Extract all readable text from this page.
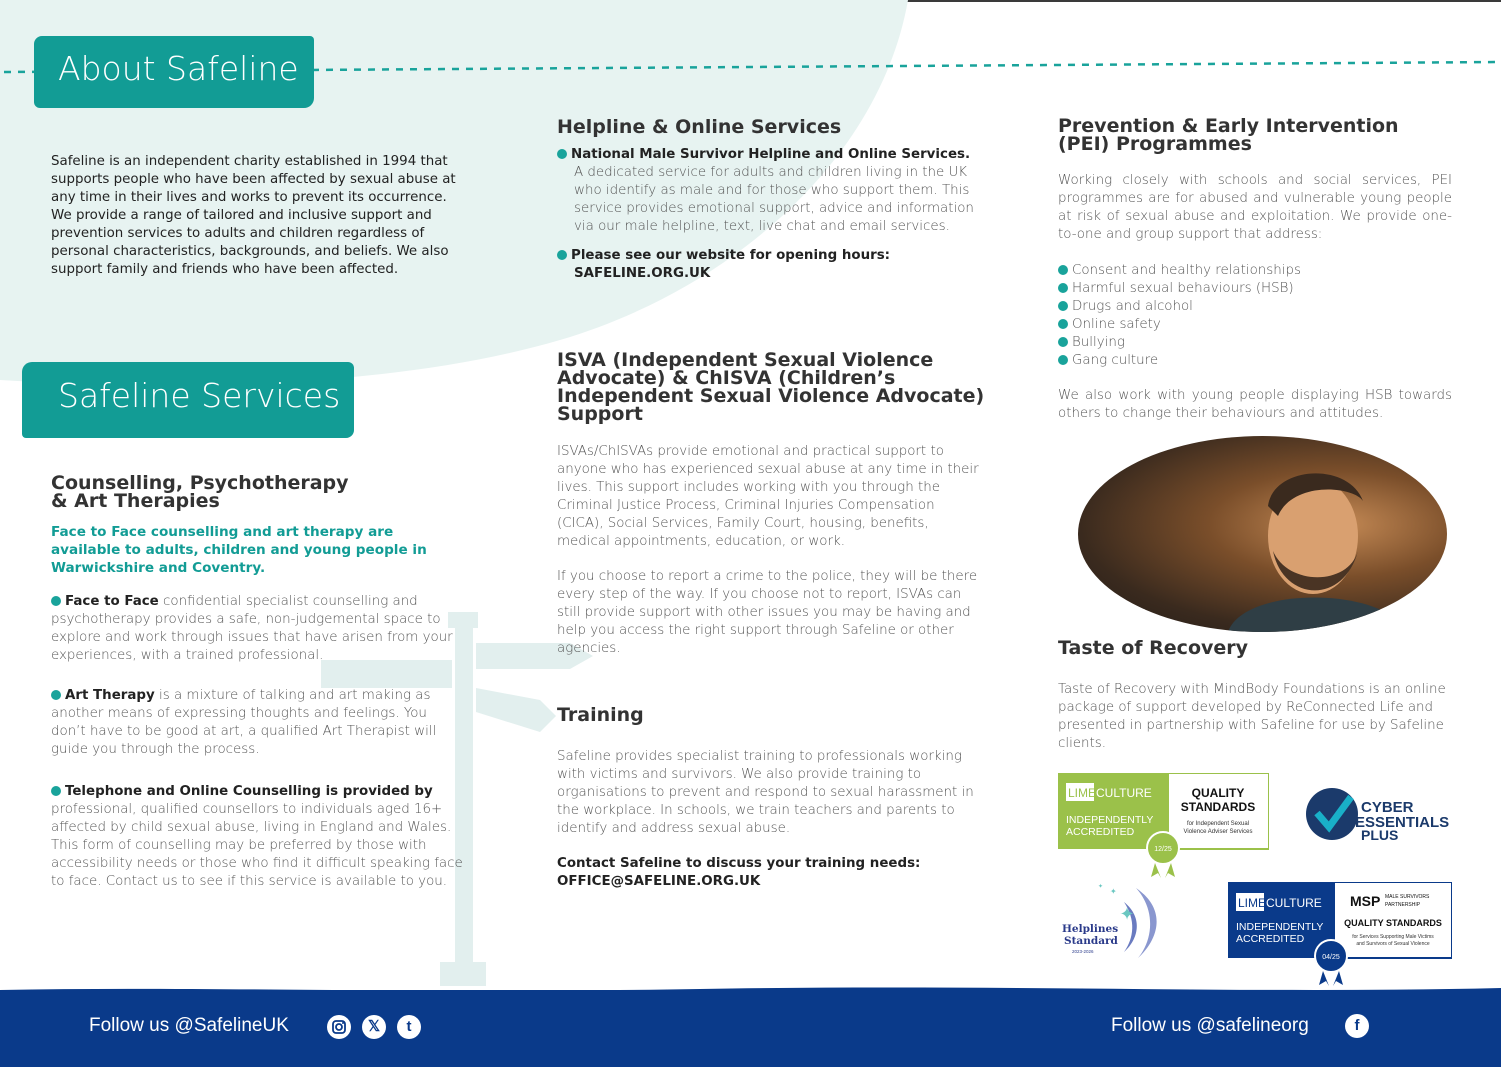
About Safeline
Safeline is an independent charity established in 1994 that supports people who have been affected by sexual abuse at any time in their lives and works to prevent its occurrence. We provide a range of tailored and inclusive support and prevention services to adults and children regardless of personal characteristics, backgrounds, and beliefs. We also support family and friends who have been affected.
Safeline Services
Counselling, Psychotherapy
& Art Therapies
Face to Face counselling and art therapy are available to adults, children and young people in Warwickshire and Coventry.
Face to Face confidential specialist counselling and psychotherapy provides a safe, non-judgemental space to explore and work through issues that have arisen from your experiences, with a trained professional.
Art Therapy is a mixture of talking and art making as another means of expressing thoughts and feelings. You don’t have to be good at art, a qualified Art Therapist will guide you through the process.
Telephone and Online Counselling is provided by professional, qualified counsellors to individuals aged 16+ affected by child sexual abuse, living in England and Wales. This form of counselling may be preferred by those with accessibility needs or those who find it difficult speaking face to face. Contact us to see if this service is available to you.
Helpline & Online Services
National Male Survivor Helpline and Online Services.
A dedicated service for adults and children living in the UK who identify as male and for those who support them. This service provides emotional support, advice and information via our male helpline, text, live chat and email services.
Please see our website for opening hours:
SAFELINE.ORG.UK
ISVA (Independent Sexual Violence Advocate) & ChISVA (Children’s Independent Sexual Violence Advocate) Support
ISVAs/ChISVAs provide emotional and practical support to anyone who has experienced sexual abuse at any time in their lives. This support includes working with you through the Criminal Justice Process, Criminal Injuries Compensation (CICA), Social Services, Family Court, housing, benefits, medical appointments, education, or work.
If you choose to report a crime to the police, they will be there every step of the way. If you choose not to report, ISVAs can still provide support with other issues you may be having and help you access the right support through Safeline or other agencies.
Training
Safeline provides specialist training to professionals working with victims and survivors. We also provide training to organisations to prevent and respond to sexual harassment in the workplace. In schools, we train teachers and parents to identify and address sexual abuse.
Contact Safeline to discuss your training needs:
OFFICE@SAFELINE.ORG.UK
Prevention & Early Intervention
(PEI) Programmes
Working closely with schools and social services, PEI programmes are for abused and vulnerable young people at risk of sexual abuse and exploitation. We provide one-to-one and group support that address:
Consent and healthy relationships
Harmful sexual behaviours (HSB)
Drugs and alcohol
Online safety
Bullying
Gang culture
We also work with young people displaying HSB towards others to change their behaviours and attitudes.
Taste of Recovery
Taste of Recovery with MindBody Foundations is an online package of support developed by ReConnected Life and presented in partnership with Safeline for use by Safeline clients.
LIME CULTURE
INDEPENDENTLY
ACCREDITED
QUALITY
STANDARDS
for Independent Sexual
Violence Adviser Services
12/25
CYBER
ESSENTIALS
PLUS
✦
✦
✦
Helplines
Standard
2023-2026
LIME CULTURE
INDEPENDENTLY
ACCREDITED
MSP MALE SURVIVORS
PARTNERSHIP
QUALITY STANDARDS
for Services Supporting Male Victims
and Survivors of Sexual Violence
04/25
Follow us @SafelineUK	𝕏	t	Follow us @safelineorg	f
